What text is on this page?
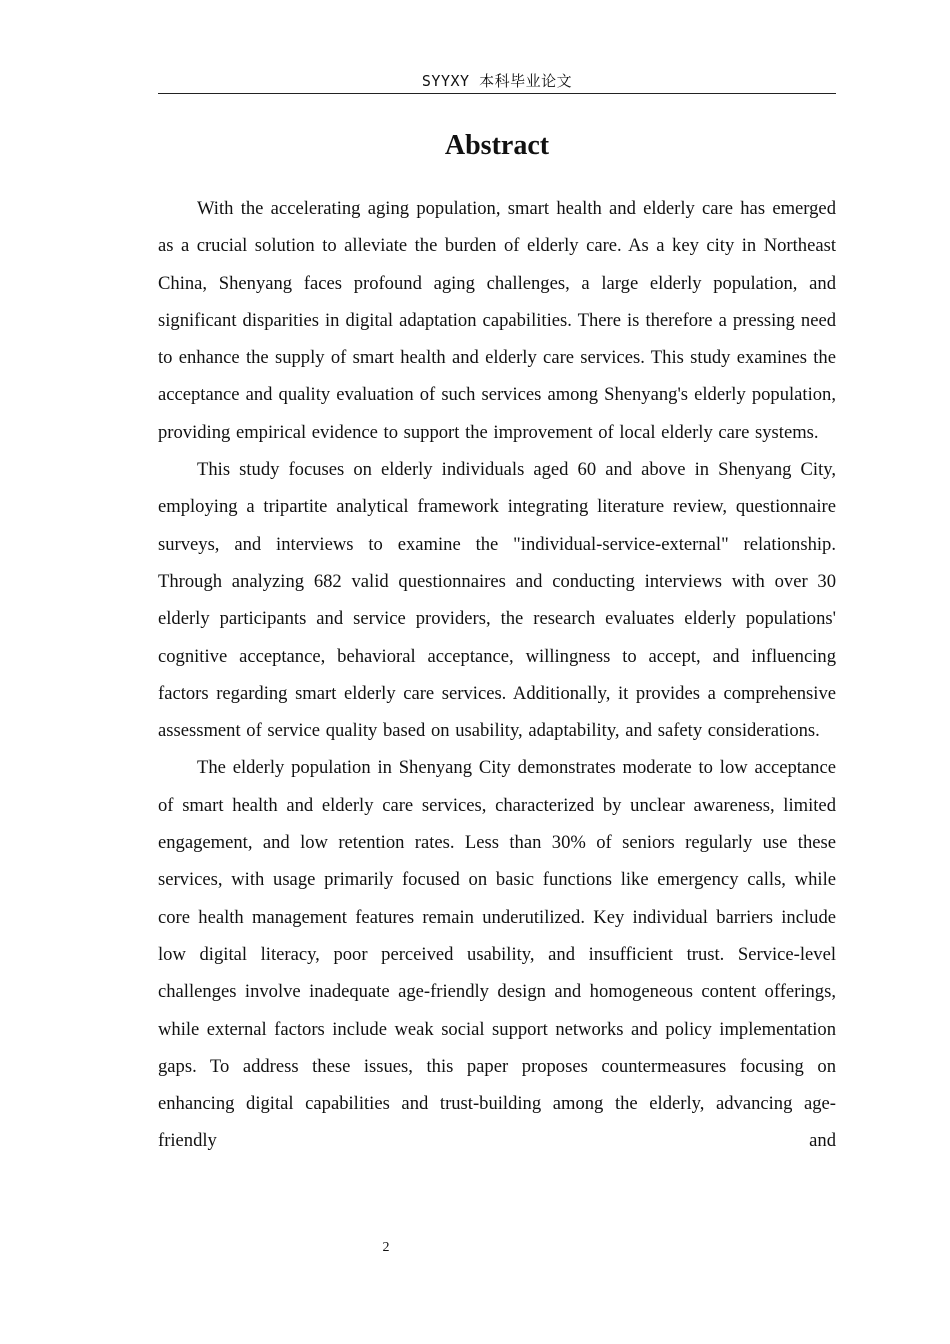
SYYXY 本科毕业论文
Abstract

With the accelerating aging population, smart health and elderly care has emerged as a crucial solution to alleviate the burden of elderly care. As a key city in Northeast China, Shenyang faces profound aging challenges, a large elderly population, and significant disparities in digital adaptation capabilities. There is therefore a pressing need to enhance the supply of smart health and elderly care services. This study examines the acceptance and quality evaluation of such services among Shenyang's elderly population, providing empirical evidence to support the improvement of local elderly care systems.

This study focuses on elderly individuals aged 60 and above in Shenyang City, employing a tripartite analytical framework integrating literature review, questionnaire surveys, and interviews to examine the "individual-service-external" relationship. Through analyzing 682 valid questionnaires and conducting interviews with over 30 elderly participants and service providers, the research evaluates elderly populations' cognitive acceptance, behavioral acceptance, willingness to accept, and influencing factors regarding smart elderly care services. Additionally, it provides a comprehensive assessment of service quality based on usability, adaptability, and safety considerations.

The elderly population in Shenyang City demonstrates moderate to low acceptance of smart health and elderly care services, characterized by unclear awareness, limited engagement, and low retention rates. Less than 30% of seniors regularly use these services, with usage primarily focused on basic functions like emergency calls, while core health management features remain underutilized. Key individual barriers include low digital literacy, poor perceived usability, and insufficient trust. Service-level challenges involve inadequate age-friendly design and homogeneous content offerings, while external factors include weak social support networks and policy implementation gaps. To address these issues, this paper proposes countermeasures focusing on enhancing digital capabilities and trust-building among the elderly, advancing age-friendly and

2
